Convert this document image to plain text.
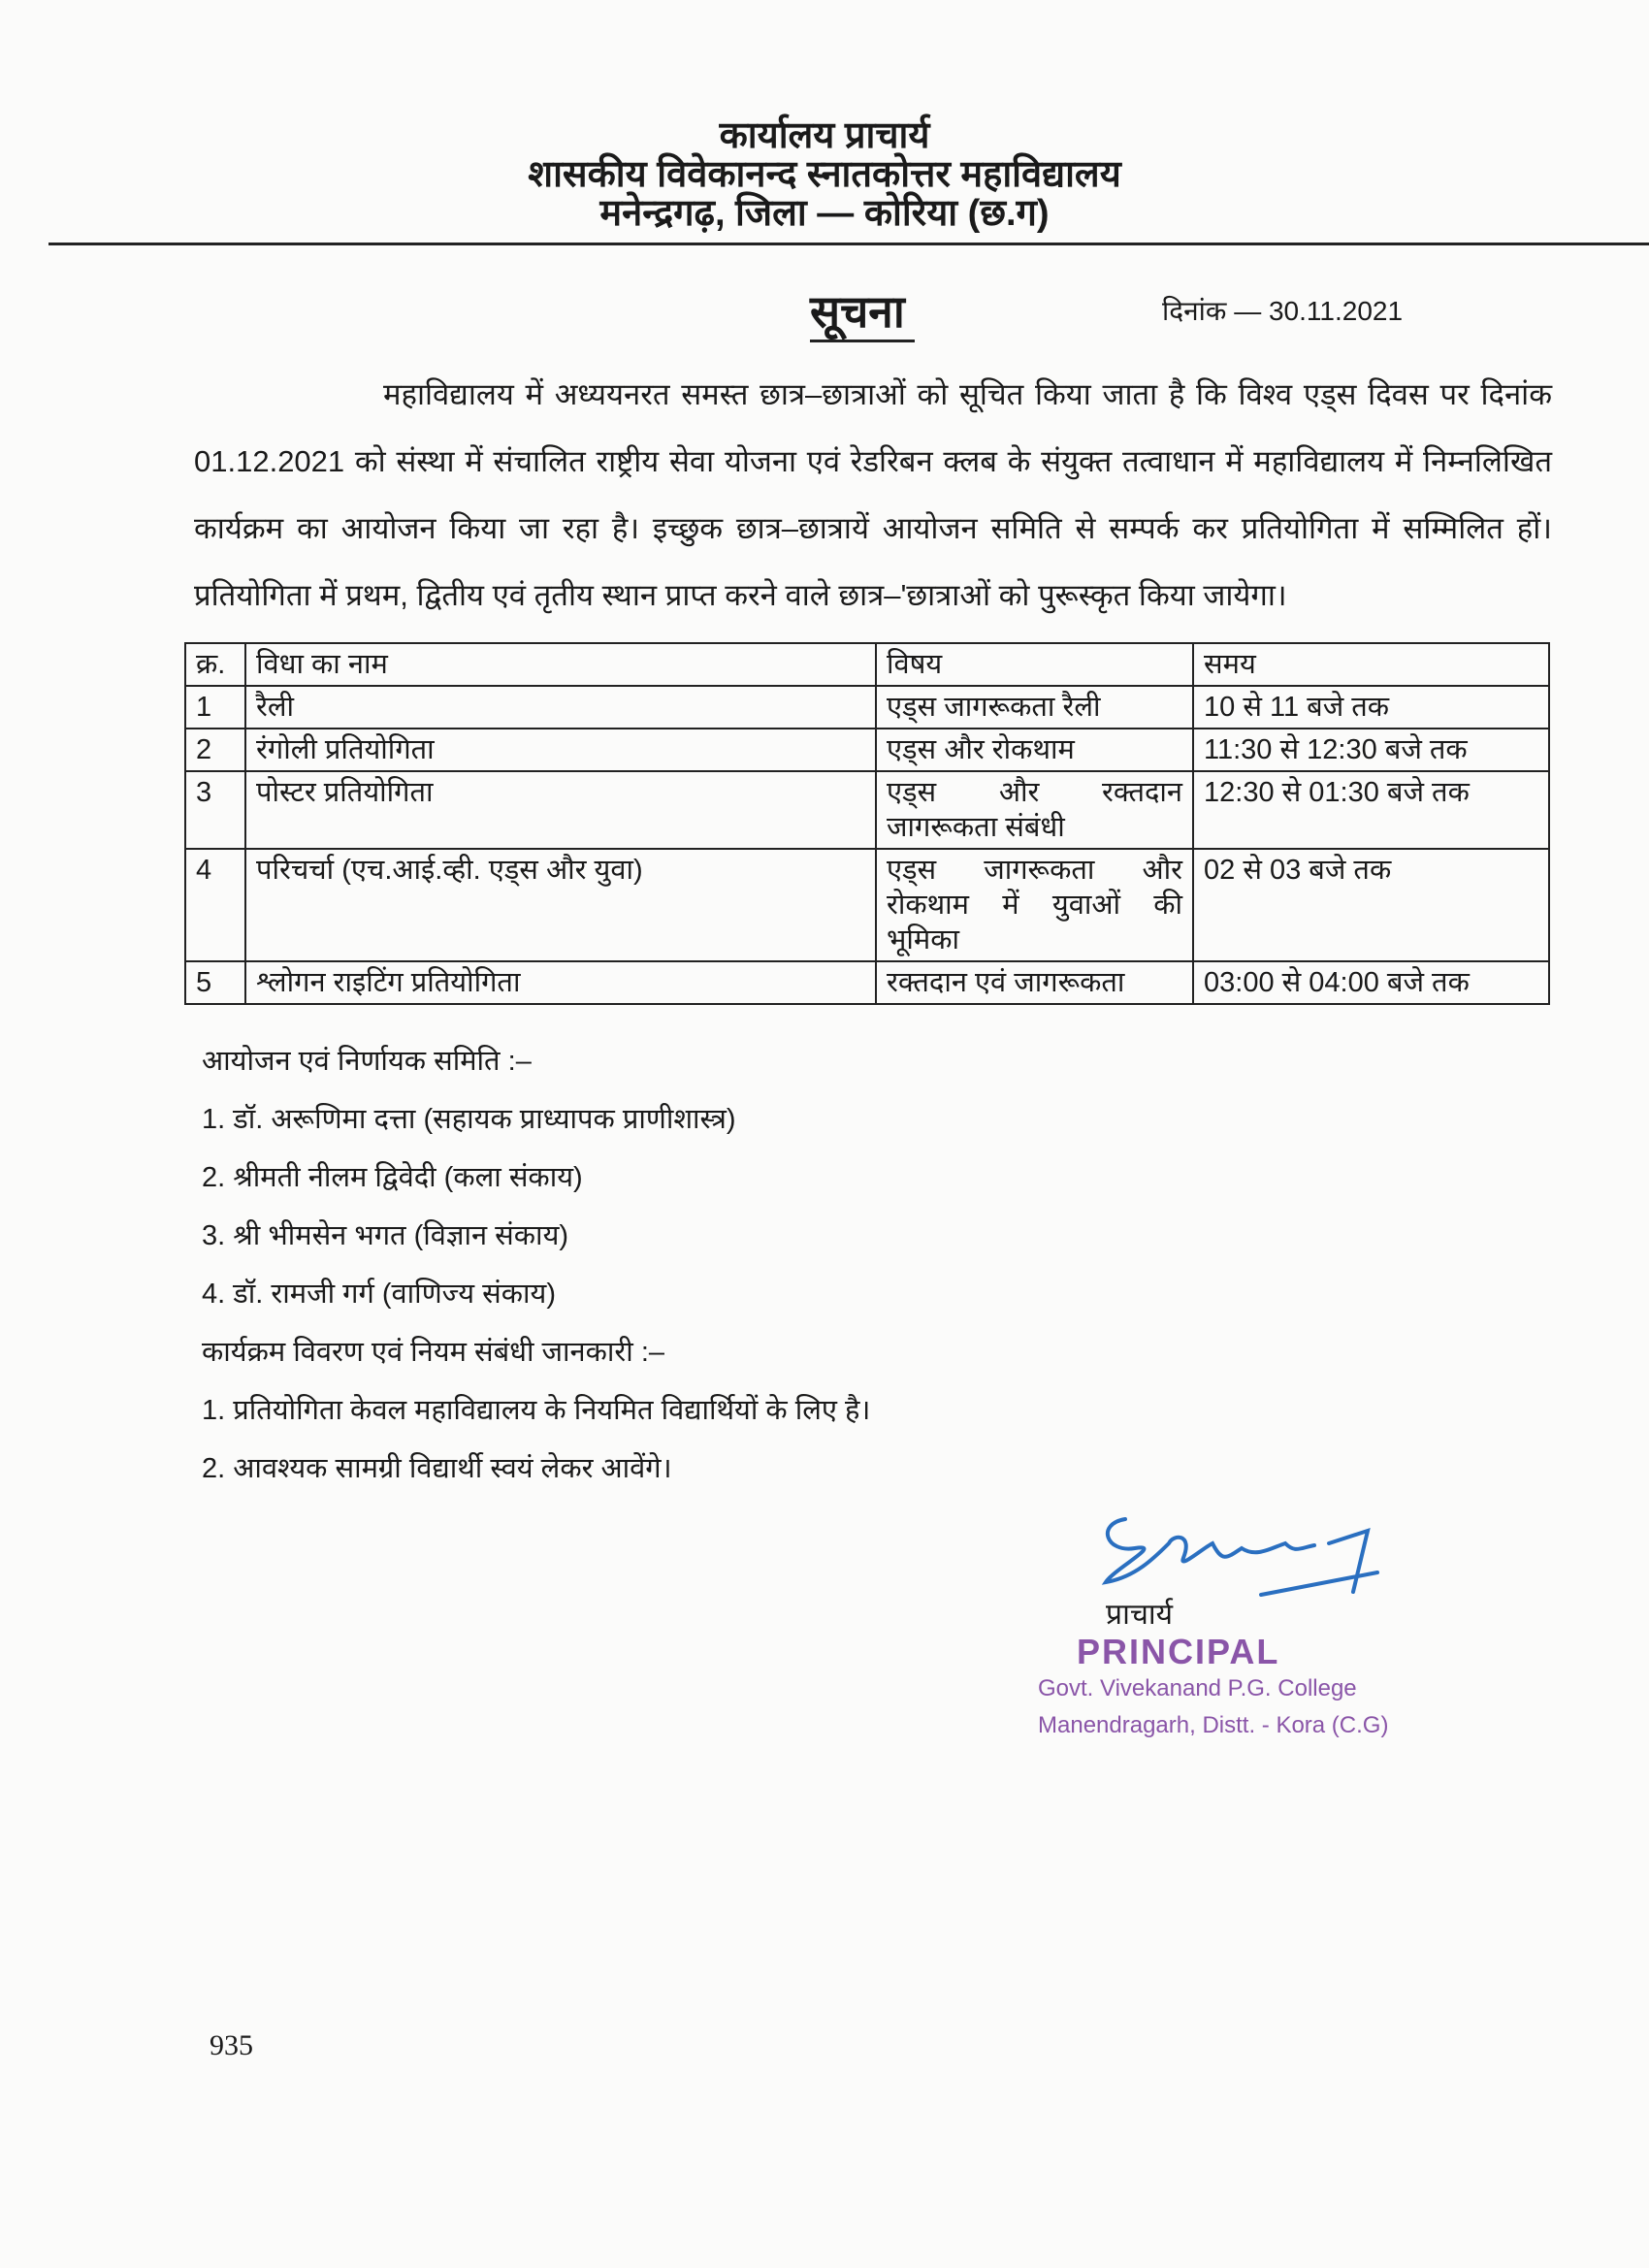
कार्यालय प्राचार्य
शासकीय विवेकानन्द स्नातकोत्तर महाविद्यालय
मनेन्द्रगढ़, जिला — कोरिया (छ.ग)
सूचना	दिनांक — 30.11.2021
महाविद्यालय में अध्ययनरत समस्त छात्र–छात्राओं को सूचित किया जाता है कि विश्व एड्स दिवस पर दिनांक 01.12.2021 को संस्था में संचालित राष्ट्रीय सेवा योजना एवं रेडरिबन क्लब के संयुक्त तत्वाधान में महाविद्यालय में निम्नलिखित कार्यक्रम का आयोजन किया जा रहा है। इच्छुक छात्र–छात्रायें आयोजन समिति से सम्पर्क कर प्रतियोगिता में सम्मिलित हों। प्रतियोगिता में प्रथम, द्वितीय एवं तृतीय स्थान प्राप्त करने वाले छात्र–'छात्राओं को पुरूस्कृत किया जायेगा।
क्र.	विधा का नाम	विषय	समय
1	रैली	एड्स जागरूकता रैली	10 से 11 बजे तक
2	रंगोली प्रतियोगिता	एड्स और रोकथाम	11:30 से 12:30 बजे तक
3	पोस्टर प्रतियोगिता	एड्स और रक्तदान जागरूकता संबंधी	12:30 से 01:30 बजे तक
4	परिचर्चा (एच.आई.व्ही. एड्स और युवा)	एड्स जागरूकता और रोकथाम में युवाओं की भूमिका	02 से 03 बजे तक
5	श्लोगन राइटिंग प्रतियोगिता	रक्तदान एवं जागरूकता	03:00 से 04:00 बजे तक
आयोजन एवं निर्णायक समिति :–
1. डॉ. अरूणिमा दत्ता (सहायक प्राध्यापक प्राणीशास्त्र)
2. श्रीमती नीलम द्विवेदी (कला संकाय)
3. श्री भीमसेन भगत (विज्ञान संकाय)
4. डॉ. रामजी गर्ग (वाणिज्य संकाय)
कार्यक्रम विवरण एवं नियम संबंधी जानकारी :–
1. प्रतियोगिता केवल महाविद्यालय के नियमित विद्यार्थियों के लिए है।
2. आवश्यक सामग्री विद्यार्थी स्वयं लेकर आवेंगे।
प्राचार्य
PRINCIPAL
Govt. Vivekanand P.G. College
Manendragarh, Distt. - Kora (C.G)
935
